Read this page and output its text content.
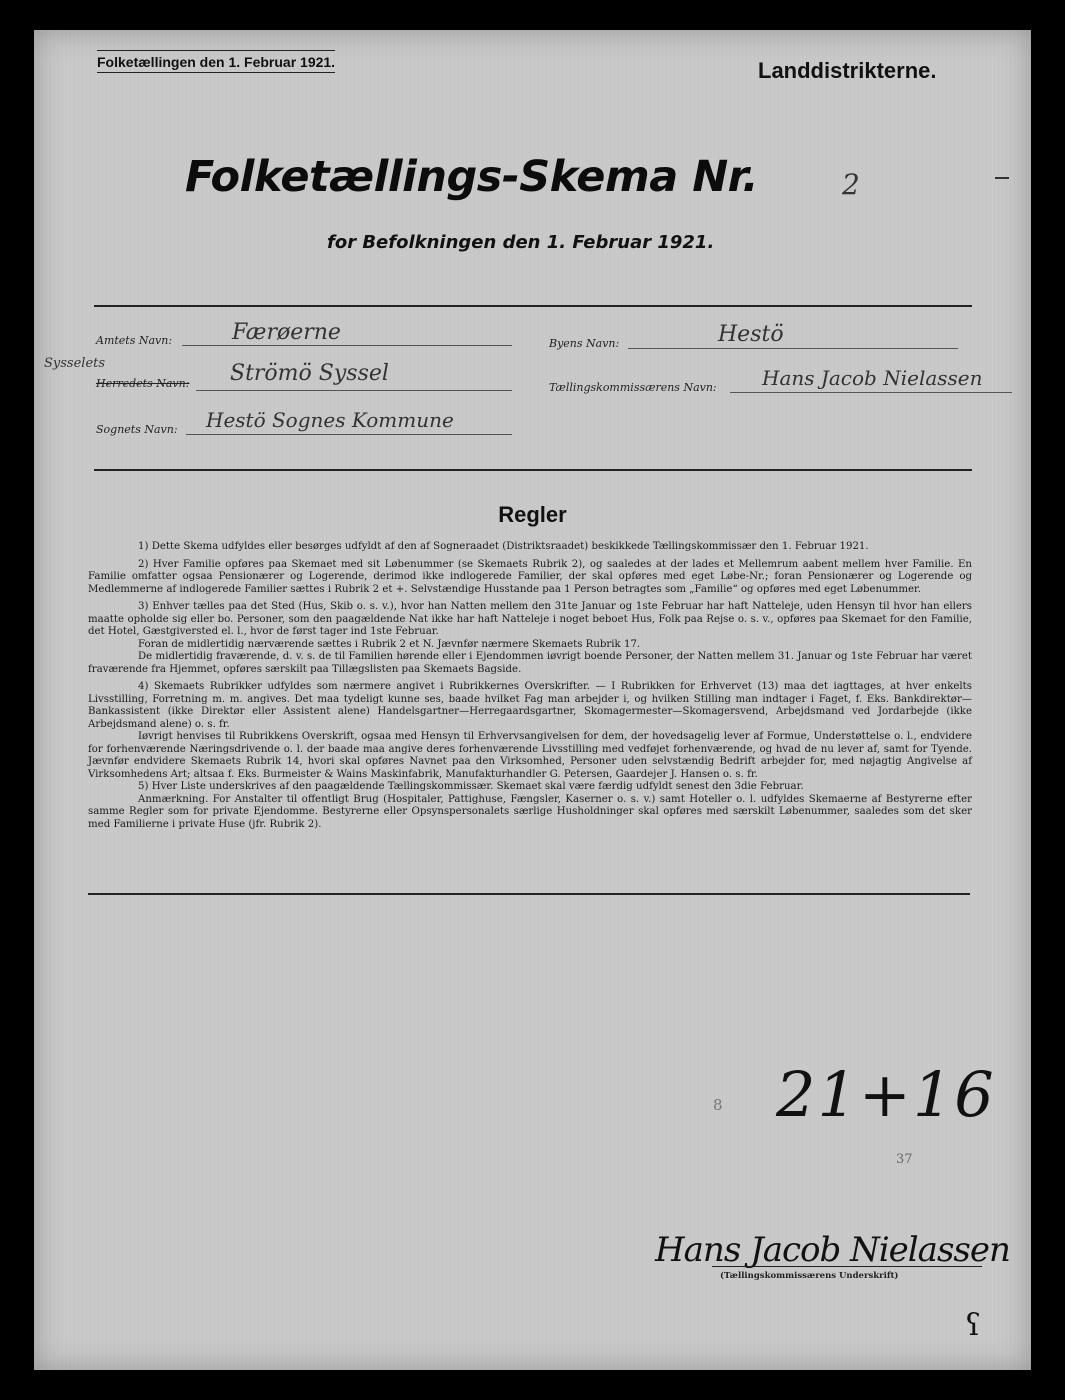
Folketællingen den 1. Februar 1921.	Landdistrikterne.
Folketællings-Skema Nr.	2
for Befolkningen den 1. Februar 1921.
Amtets Navn:	Færøerne	Byens Navn:	Hestö
Sysselets
Herredets Navn: Strömö Syssel
Tællingskommissærens Navn: Hans Jacob Nielassen
Sognets Navn: Hestö Sognes Kommune
Regler

1) Dette Skema udfyldes eller besørges udfyldt af den af Sogneraadet (Distriktsraadet) beskikkede Tællingskommissær den 1. Februar 1921.

2) Hver Familie opføres paa Skemaet med sit Løbenummer (se Skemaets Rubrik 2), og saaledes at der lades et Mellemrum aabent mellem hver Familie. En Familie omfatter ogsaa Pensionærer og Logerende, derimod ikke indlogerede Familier, der skal opføres med eget Løbe-Nr.; foran Pensionærer og Logerende og Medlemmerne af indlogerede Familier sættes i Rubrik 2 et +. Selvstændige Husstande paa 1 Person betragtes som „Familie“ og opføres med eget Løbenummer.

3) Enhver tælles paa det Sted (Hus, Skib o. s. v.), hvor han Natten mellem den 31te Januar og 1ste Februar har haft Natteleje, uden Hensyn til hvor han ellers maatte opholde sig eller bo. Personer, som den paagældende Nat ikke har haft Natteleje i noget beboet Hus, Folk paa Rejse o. s. v., opføres paa Skemaet for den Familie, det Hotel, Gæstgiversted el. l., hvor de først tager ind 1ste Februar.

Foran de midlertidig nærværende sættes i Rubrik 2 et N. Jævnfør nærmere Skemaets Rubrik 17.

De midlertidig fraværende, d. v. s. de til Familien hørende eller i Ejendommen iøvrigt boende Personer, der Natten mellem 31. Januar og 1ste Februar har været fraværende fra Hjemmet, opføres særskilt paa Tillægslisten paa Skemaets Bagside.

4) Skemaets Rubrikker udfyldes som nærmere angivet i Rubrikkernes Overskrifter. — I Rubrikken for Erhvervet (13) maa det iagttages, at hver enkelts Livsstilling, Forretning m. m. angives. Det maa tydeligt kunne ses, baade hvilket Fag man arbejder i, og hvilken Stilling man indtager i Faget, f. Eks. Bankdirektør—Bankassistent (ikke Direktør eller Assistent alene) Handelsgartner—Herregaardsgartner, Skomagermester—Skomagersvend, Arbejdsmand ved Jordarbejde (ikke Arbejdsmand alene) o. s. fr.

Iøvrigt henvises til Rubrikkens Overskrift, ogsaa med Hensyn til Erhvervsangivelsen for dem, der hovedsagelig lever af Formue, Understøttelse o. l., endvidere for forhenværende Næringsdrivende o. l. der baade maa angive deres forhenværende Livsstilling med vedføjet forhenværende, og hvad de nu lever af, samt for Tyende. Jævnfør endvidere Skemaets Rubrik 14, hvori skal opføres Navnet paa den Virksomhed, Personer uden selvstændig Bedrift arbejder for, med nøjagtig Angivelse af Virksomhedens Art; altsaa f. Eks. Burmeister & Wains Maskinfabrik, Manufakturhandler G. Petersen, Gaardejer J. Hansen o. s. fr.

5) Hver Liste underskrives af den paagældende Tællingskommissær. Skemaet skal være færdig udfyldt senest den 3die Februar.

Anmærkning. For Anstalter til offentligt Brug (Hospitaler, Pattighuse, Fængsler, Kaserner o. s. v.) samt Hoteller o. l. udfyldes Skemaerne af Bestyrerne efter samme Regler som for private Ejendomme. Bestyrerne eller Opsynspersonalets særlige Husholdninger skal opføres med særskilt Løbenummer, saaledes som det sker med Familierne i private Huse (jfr. Rubrik 2).

8 21+16
37
Hans Jacob Nielassen
(Tællingskommissærens Underskrift)
ʕ
